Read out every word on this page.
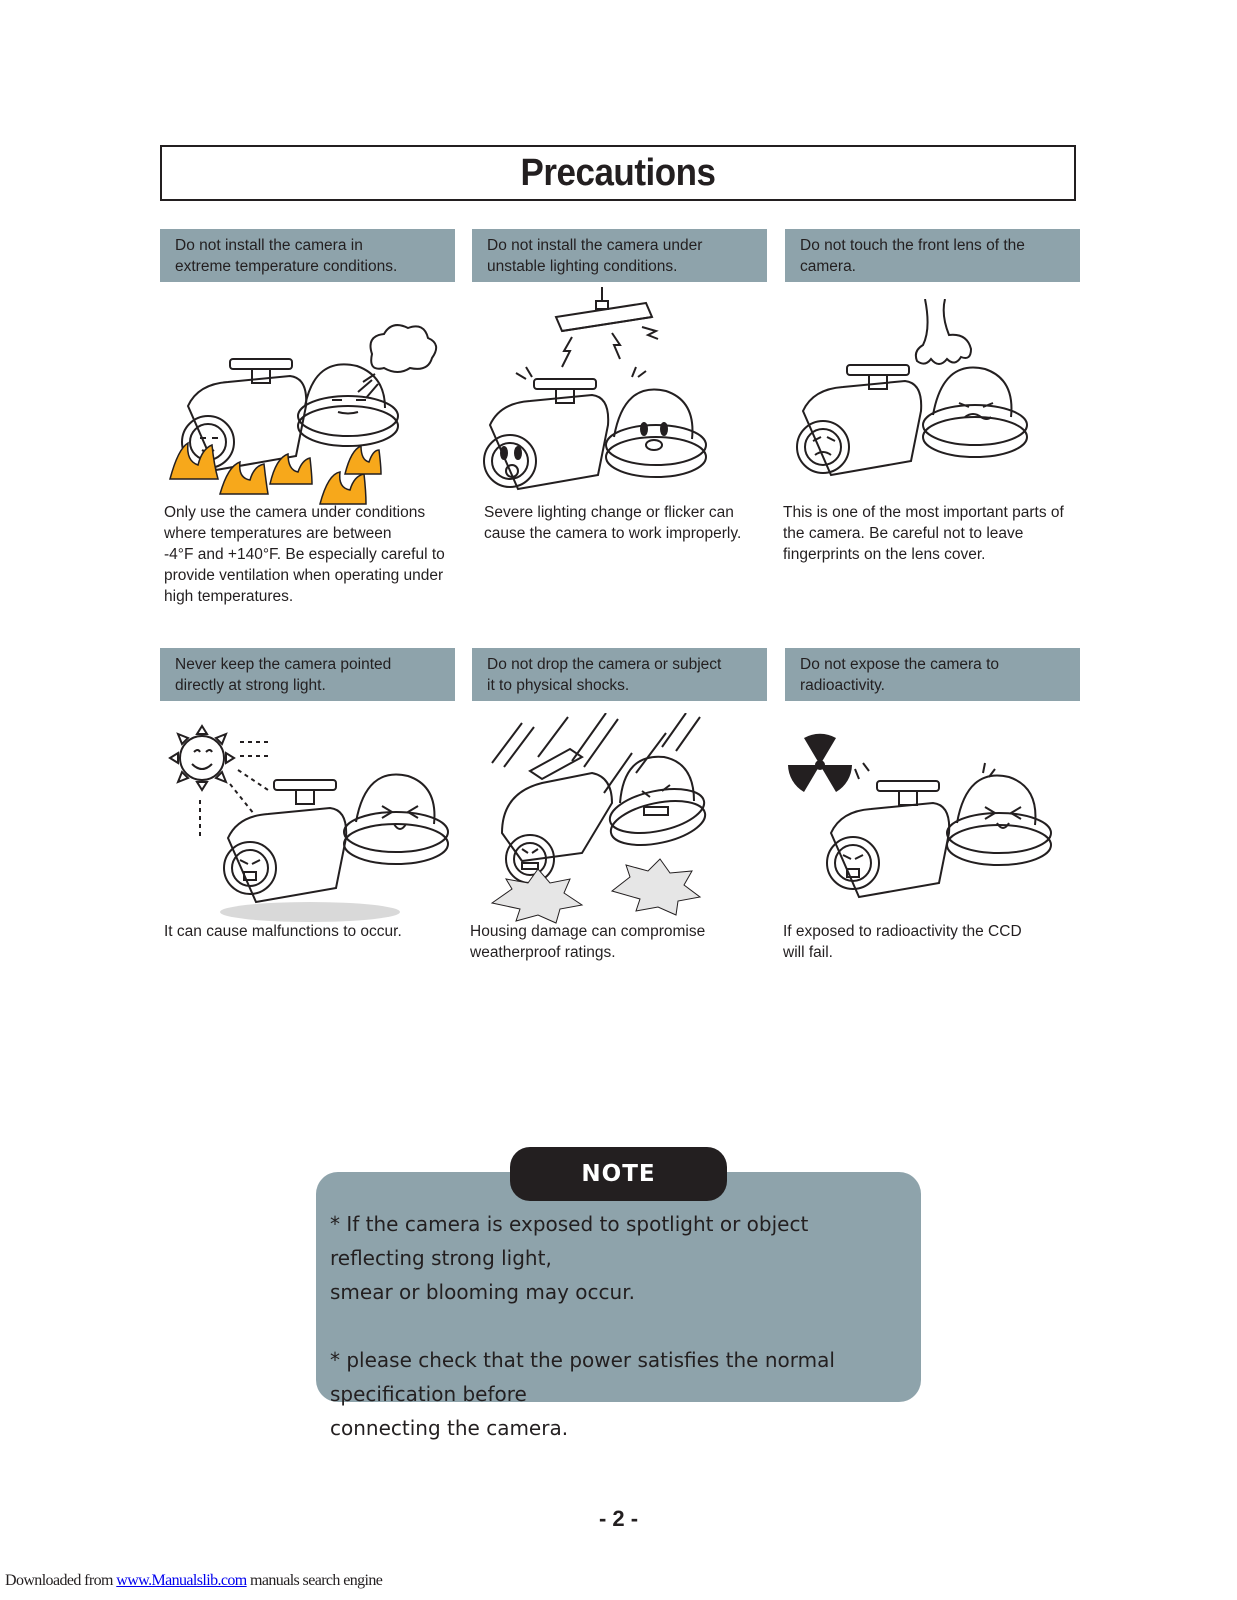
Precautions
Do not install the camera in
extreme temperature conditions.
Only use the camera under conditions
where temperatures are between
-4°F and +140°F. Be especially careful to
provide ventilation when operating under
high temperatures.
Do not install the camera under
unstable lighting conditions.
Severe lighting change or flicker can
cause the camera to work improperly.
Do not touch the front lens of the
camera.
This is one of the most important parts of
the camera. Be careful not to leave
fingerprints on the lens cover.
Never keep the camera pointed
directly at strong light.
It can cause malfunctions to occur.
Do not drop the camera or subject
it to physical shocks.
Housing damage can compromise
weatherproof ratings.
Do not expose the camera to
radioactivity.
If exposed to radioactivity the CCD
will fail.
NOTE

* If the camera is exposed to spotlight or object reflecting strong light,
smear or blooming may occur.

* please check that the power satisfies the normal specification before
connecting the camera.

- 2 -
Downloaded from www.Manualslib.com manuals search engine
